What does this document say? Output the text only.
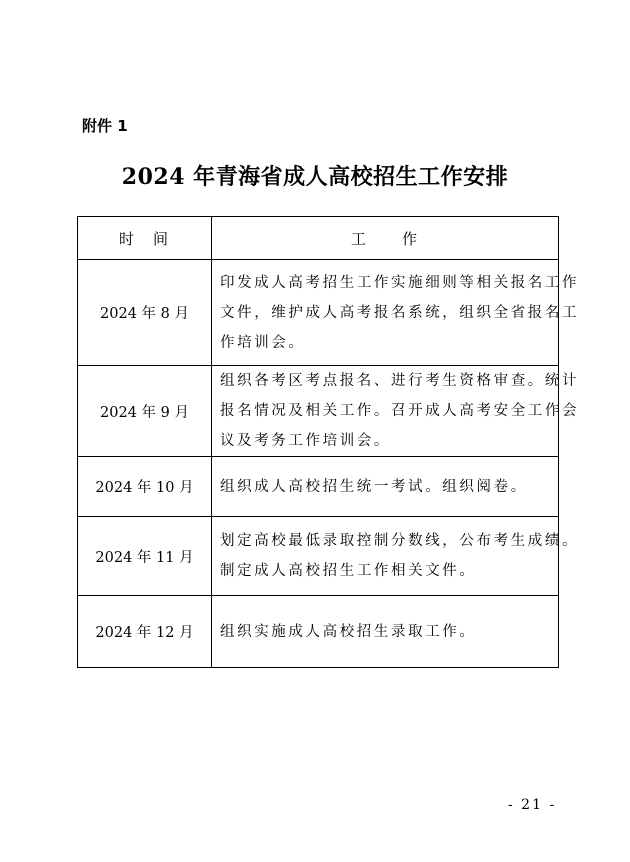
附件 1
2024 年青海省成人高校招生工作安排
时　间	工　　作
2024 年 8 月	印发成人高考招生工作实施细则等相关报名工作
文件，维护成人高考报名系统，组织全省报名工
作培训会。

2024 年 9 月	组织各考区考点报名、进行考生资格审查。统计
报名情况及相关工作。召开成人高考安全工作会
议及考务工作培训会。

2024 年 10 月	组织成人高校招生统一考试。组织阅卷。

2024 年 11 月	划定高校最低录取控制分数线，公布考生成绩。
制定成人高校招生工作相关文件。

2024 年 12 月	组织实施成人高校招生录取工作。
- 21 -
